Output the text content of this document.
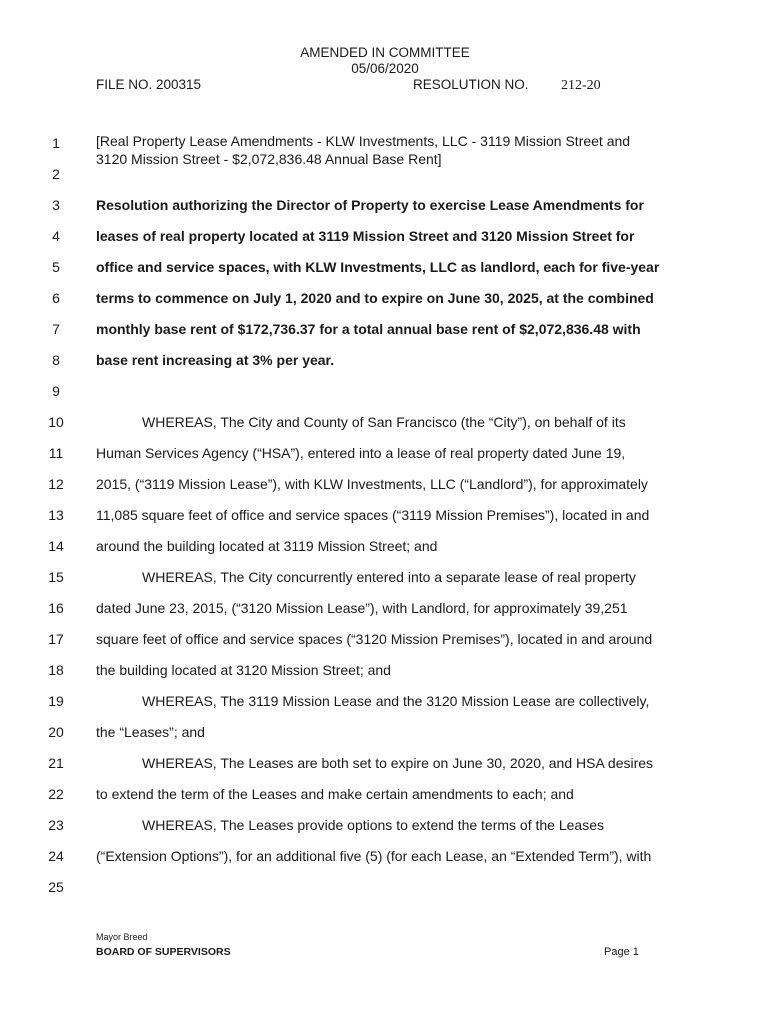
AMENDED IN COMMITTEE
05/06/2020
FILE NO. 200315	RESOLUTION NO. 212-20
1
2
3
4
5
6
7
8
9
10
11
12
13
14
15
16
17
18
19
20
21
22
23
24
25
[Real Property Lease Amendments - KLW Investments, LLC - 3119 Mission Street and
3120 Mission Street - $2,072,836.48 Annual Base Rent]
Resolution authorizing the Director of Property to exercise Lease Amendments for
leases of real property located at 3119 Mission Street and 3120 Mission Street for
office and service spaces, with KLW Investments, LLC as landlord, each for five-year
terms to commence on July 1, 2020 and to expire on June 30, 2025, at the combined
monthly base rent of $172,736.37 for a total annual base rent of $2,072,836.48 with
base rent increasing at 3% per year.
WHEREAS, The City and County of San Francisco (the “City”), on behalf of its
Human Services Agency (“HSA”), entered into a lease of real property dated June 19,
2015, (“3119 Mission Lease”), with KLW Investments, LLC (“Landlord”), for approximately
11,085 square feet of office and service spaces (“3119 Mission Premises”), located in and
around the building located at 3119 Mission Street; and
WHEREAS, The City concurrently entered into a separate lease of real property
dated June 23, 2015, (“3120 Mission Lease”), with Landlord, for approximately 39,251
square feet of office and service spaces (“3120 Mission Premises”), located in and around
the building located at 3120 Mission Street; and
WHEREAS, The 3119 Mission Lease and the 3120 Mission Lease are collectively,
the “Leases”; and
WHEREAS, The Leases are both set to expire on June 30, 2020, and HSA desires
to extend the term of the Leases and make certain amendments to each; and
WHEREAS, The Leases provide options to extend the terms of the Leases
(“Extension Options”), for an additional five (5) (for each Lease, an “Extended Term”), with
Mayor Breed
BOARD OF SUPERVISORS	Page 1
